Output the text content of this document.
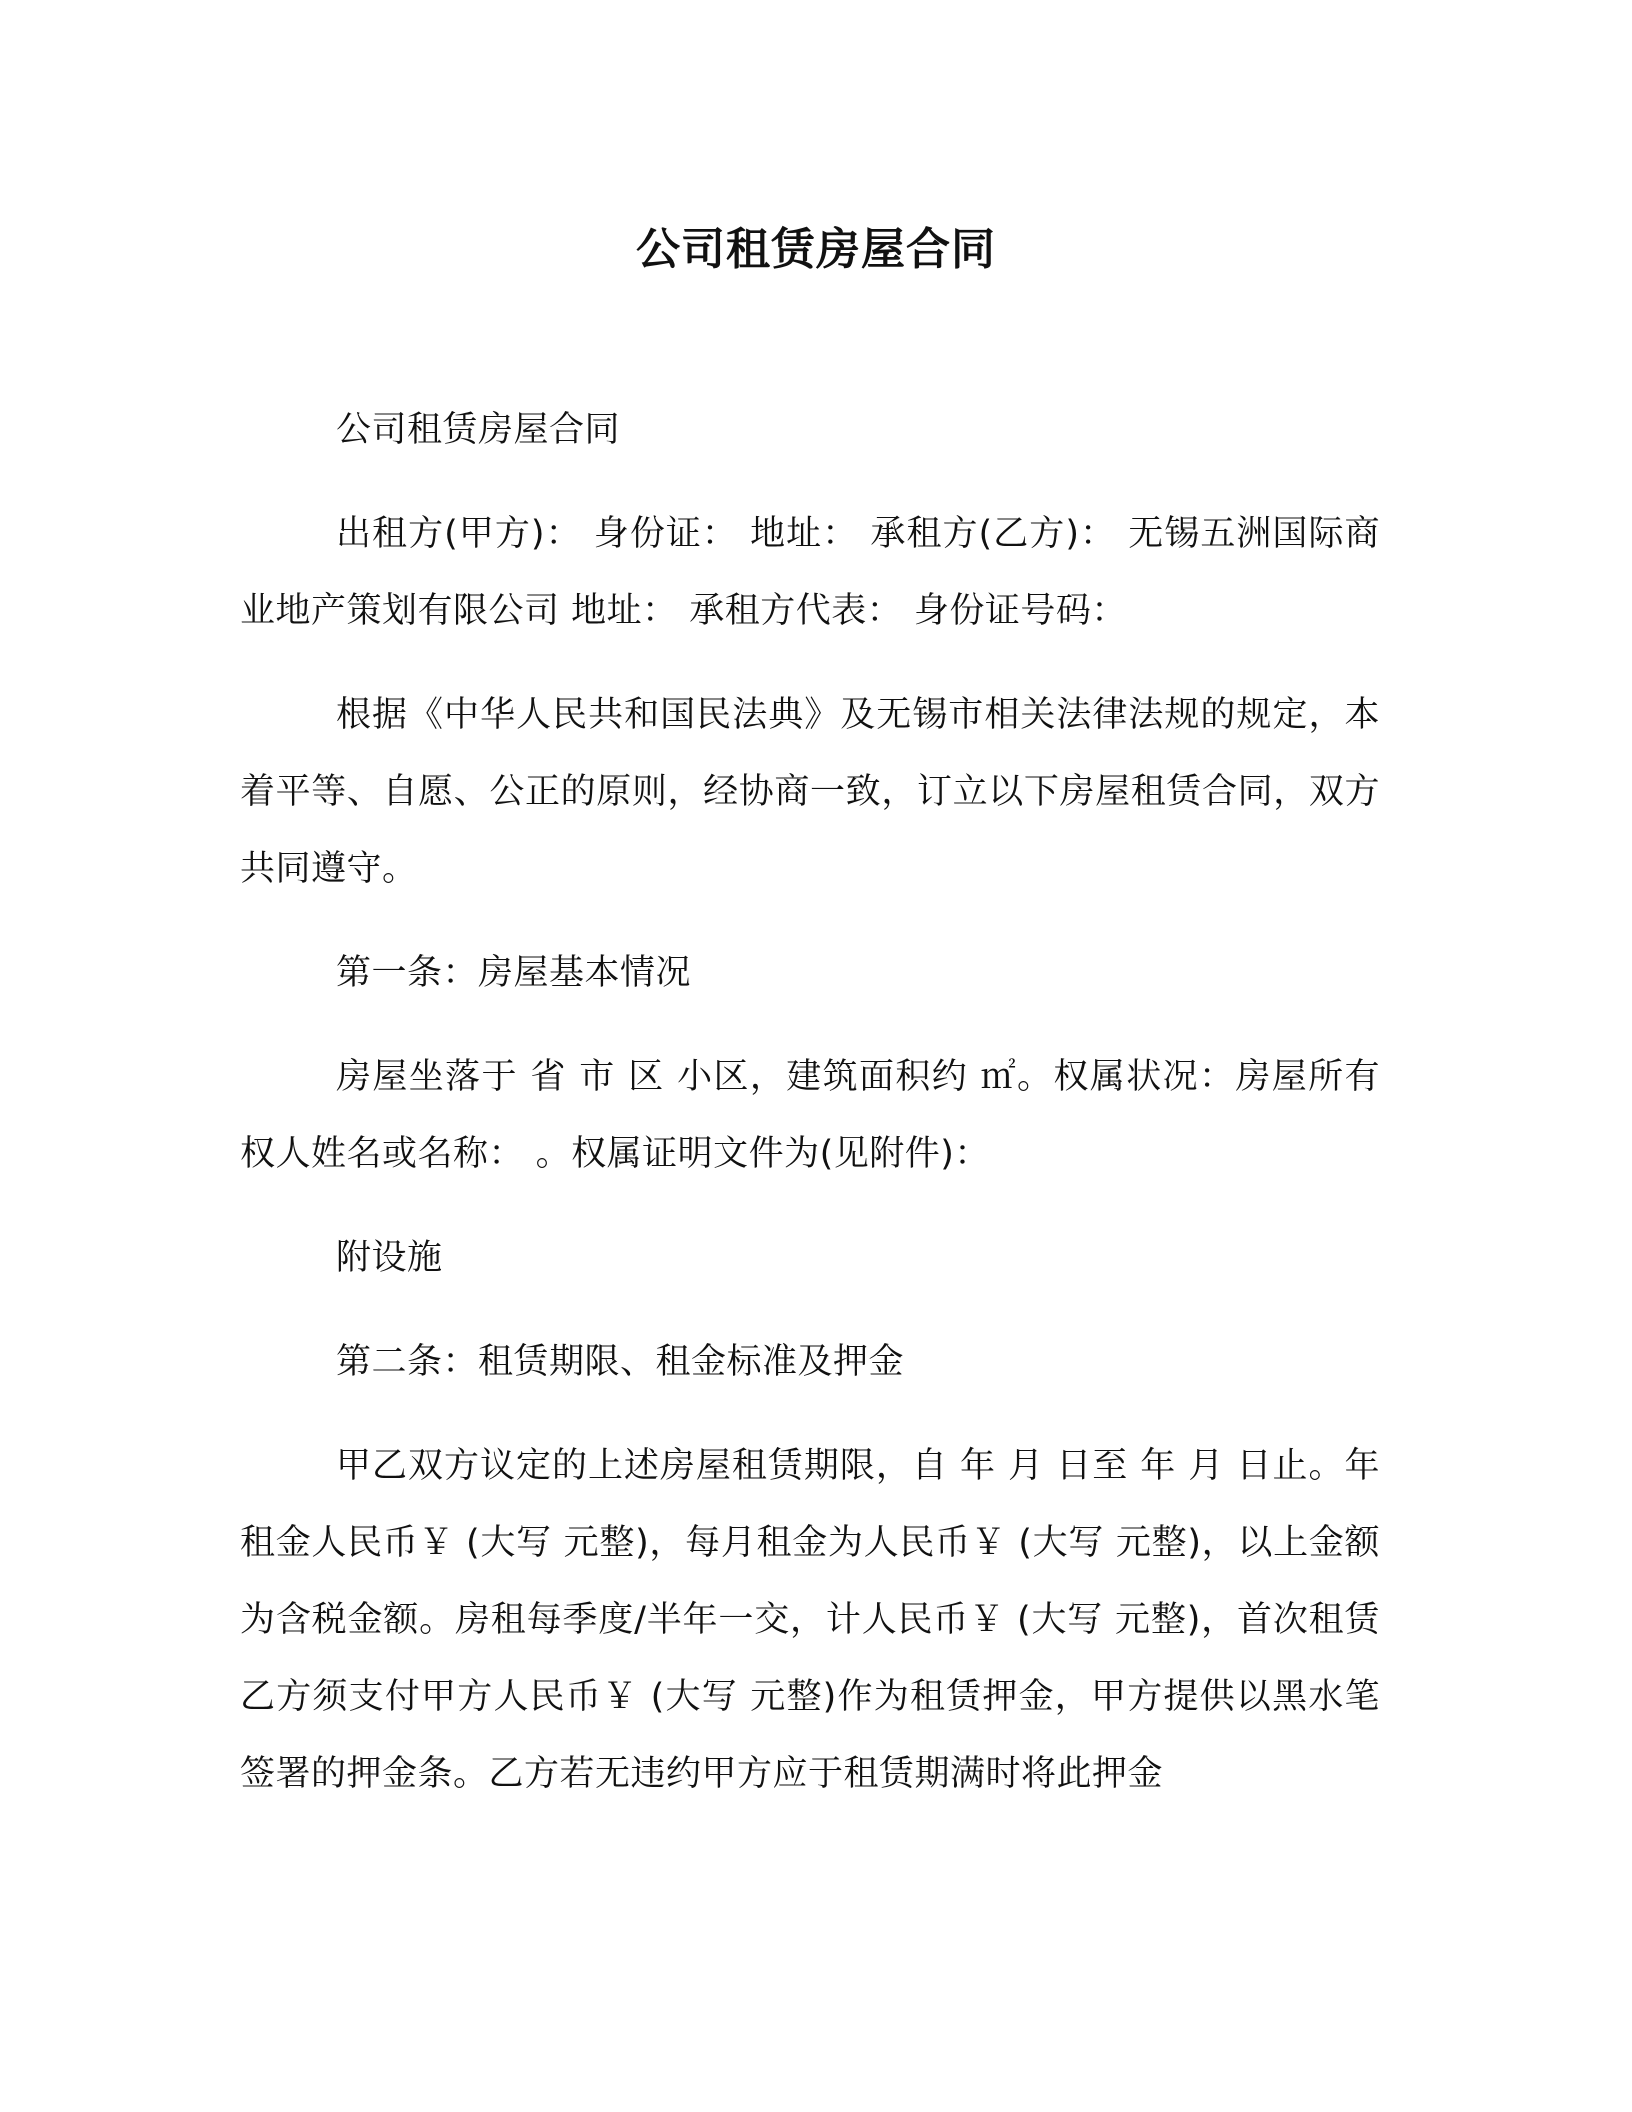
公司租赁房屋合同

公司租赁房屋合同

出租方(甲方)： 身份证： 地址： 承租方(乙方)： 无锡五洲国际商业地产策划有限公司 地址： 承租方代表： 身份证号码：

根据《中华人民共和国民法典》及无锡市相关法律法规的规定，本着平等、自愿、公正的原则，经协商一致，订立以下房屋租赁合同，双方共同遵守。

第一条：房屋基本情况

房屋坐落于 省 市 区 小区，建筑面积约 ㎡。权属状况：房屋所有权人姓名或名称： 。权属证明文件为(见附件)：

附设施

第二条：租赁期限、租金标准及押金

甲乙双方议定的上述房屋租赁期限，自 年 月 日至 年 月 日止。年租金人民币￥ (大写 元整)，每月租金为人民币￥ (大写 元整)，以上金额为含税金额。房租每季度/半年一交，计人民币￥ (大写 元整)，首次租赁乙方须支付甲方人民币￥ (大写 元整)作为租赁押金，甲方提供以黑水笔签署的押金条。乙方若无违约甲方应于租赁期满时将此押金
